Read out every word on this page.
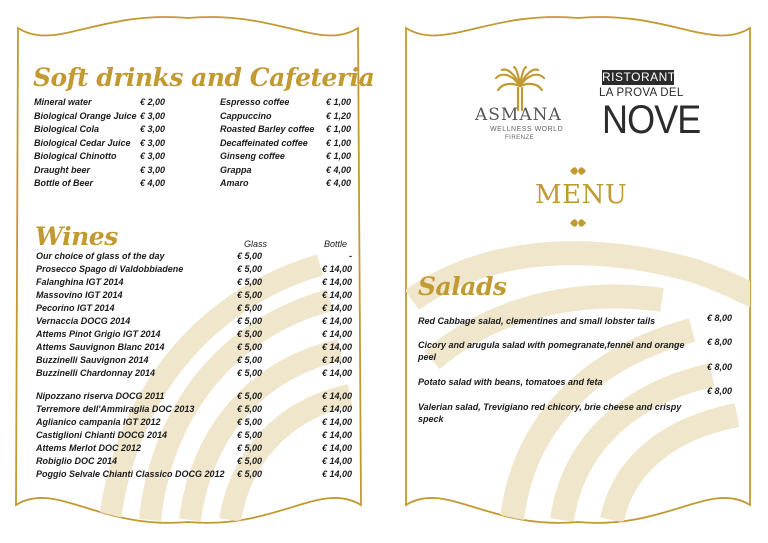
Soft drinks and Cafeteria
Mineral water	€ 2,00
Biological Orange Juice € 3,00
Biological Cola	€ 3,00
Biological Cedar Juice € 3,00
Biological Chinotto	€ 3,00
Draught beer	€ 3,00
Bottle of Beer	€ 4,00
Espresso coffee	€ 1,00
Cappuccino	€ 1,20
Roasted Barley coffee € 1,00
Decaffeinated coffee € 1,00
Ginseng coffee	€ 1,00
Grappa	€ 4,00
Amaro	€ 4,00
Wines	Glass	Bottle
Our choice of glass of the day	€ 5,00	-
Prosecco Spago di Valdobbiadene	€ 5,00	€ 14,00
Falanghina IGT 2014	€ 5,00	€ 14,00
Massovino IGT 2014	€ 5,00	€ 14,00
Pecorino IGT 2014	€ 5,00	€ 14,00
Vernaccia DOCG 2014	€ 5,00	€ 14,00
Attems Pinot Grigio IGT 2014	€ 5,00	€ 14,00
Attems Sauvignon Blanc 2014	€ 5,00	€ 14,00
Buzzinelli Sauvignon 2014	€ 5,00	€ 14,00
Buzzinelli Chardonnay 2014	€ 5,00	€ 14,00
Nipozzano riserva DOCG 2011	€ 5,00	€ 14,00
Terremore dell'Ammiraglia DOC 2013	€ 5,00	€ 14,00
Aglianico campania IGT 2012	€ 5,00	€ 14,00
Castiglioni Chianti DOCG 2014	€ 5,00	€ 14,00
Attems Merlot DOC 2012	€ 5,00	€ 14,00
Robiglio DOC 2014	€ 5,00	€ 14,00
Poggio Selvale Chianti Classico DOCG 2012 € 5,00	€ 14,00
ASMANA
WELLNESS WORLD
FIRENZE
RISTORANTE
LA PROVA DEL
NOVE
MENU
Salads
Red Cabbage salad, clementines and small lobster tails	€ 8,00
Cicory and arugula salad with pomegranate,fennel and orange peel
€ 8,00
Potato salad with beans, tomatoes and feta
€ 8,00
Valerian salad, Trevigiano red chicory, brie cheese and crispy speck
€ 8,00
